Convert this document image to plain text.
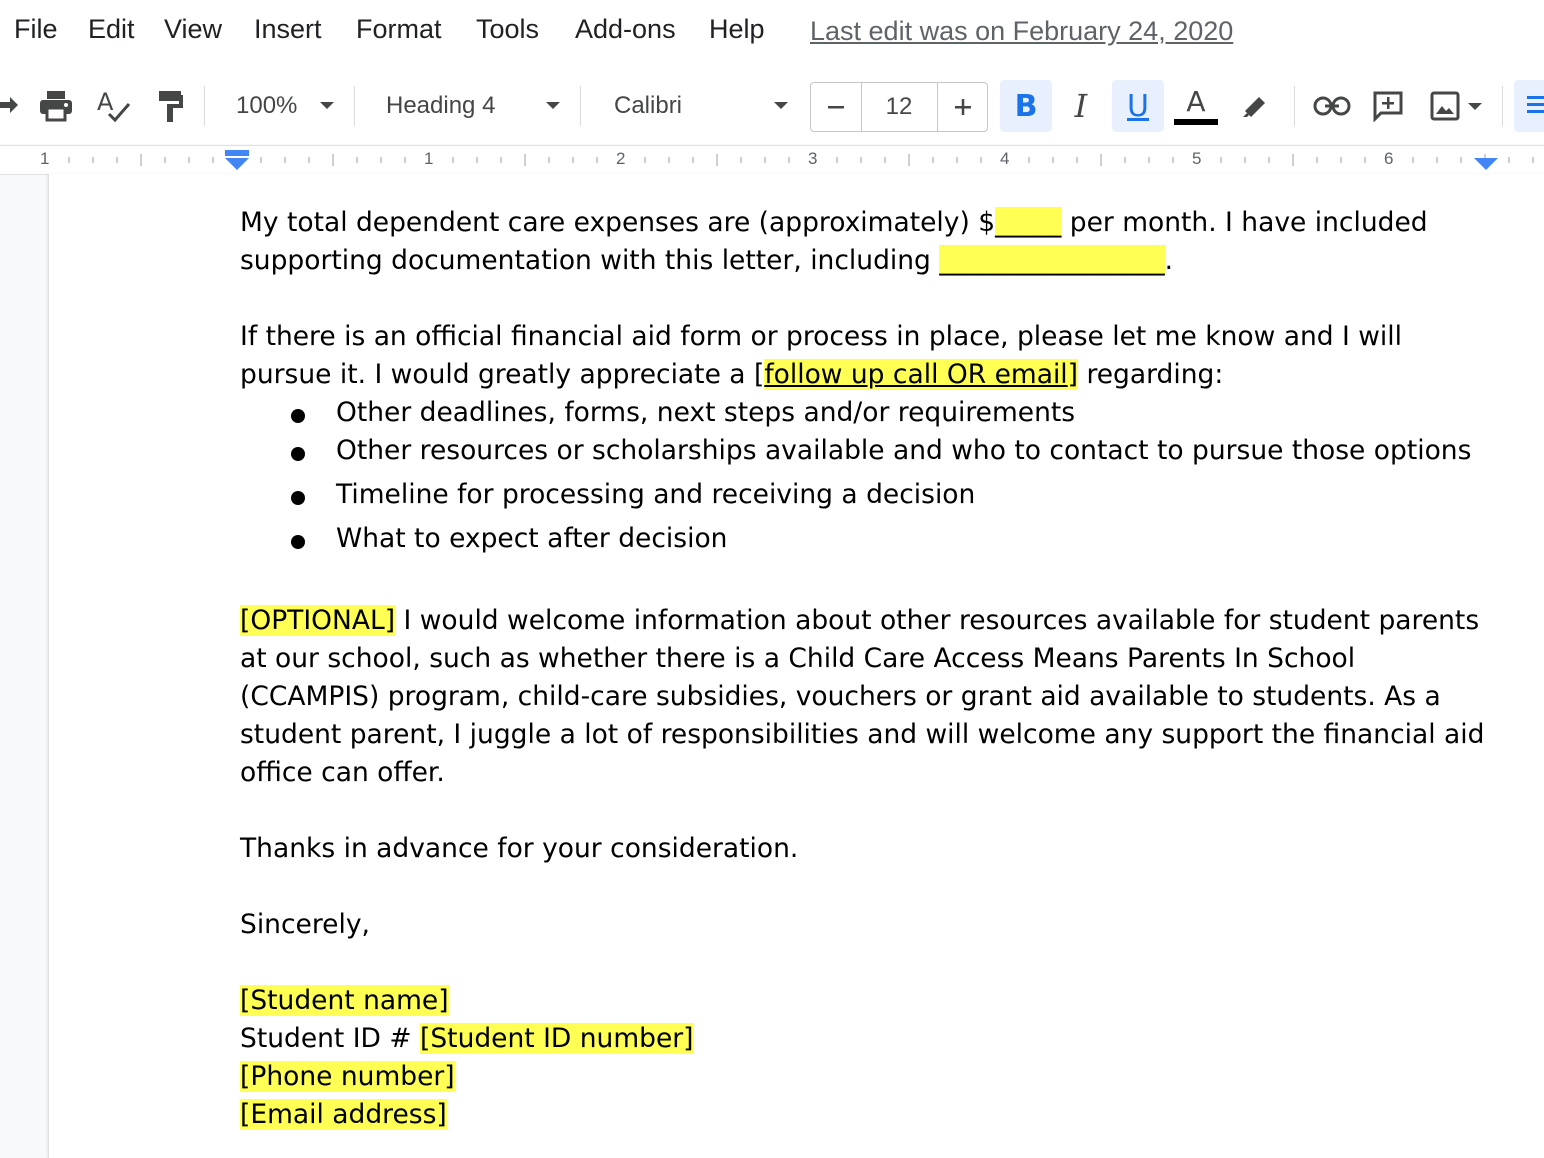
File Edit View Insert Format Tools Add-ons Help Last edit was on February 24, 2020
A	100%	Heading 4	Calibri	12	B	I	U	A
1	1	2	3	4	5	6

My total dependent care expenses are (approximately) $_____ per month. I have included supporting documentation with this letter, including _________________.

If there is an official financial aid form or process in place, please let me know and I will pursue it. I would greatly appreciate a [follow up call OR email] regarding:

Other deadlines, forms, next steps and/or requirements
Other resources or scholarships available and who to contact to pursue those options
Timeline for processing and receiving a decision
What to expect after decision

[OPTIONAL] I would welcome information about other resources available for student parents at our school, such as whether there is a Child Care Access Means Parents In School (CCAMPIS) program, child-care subsidies, vouchers or grant aid available to students. As a student parent, I juggle a lot of responsibilities and will welcome any support the financial aid office can offer.

Thanks in advance for your consideration.

Sincerely,

[Student name]

Student ID # [Student ID number]

[Phone number]

[Email address]
